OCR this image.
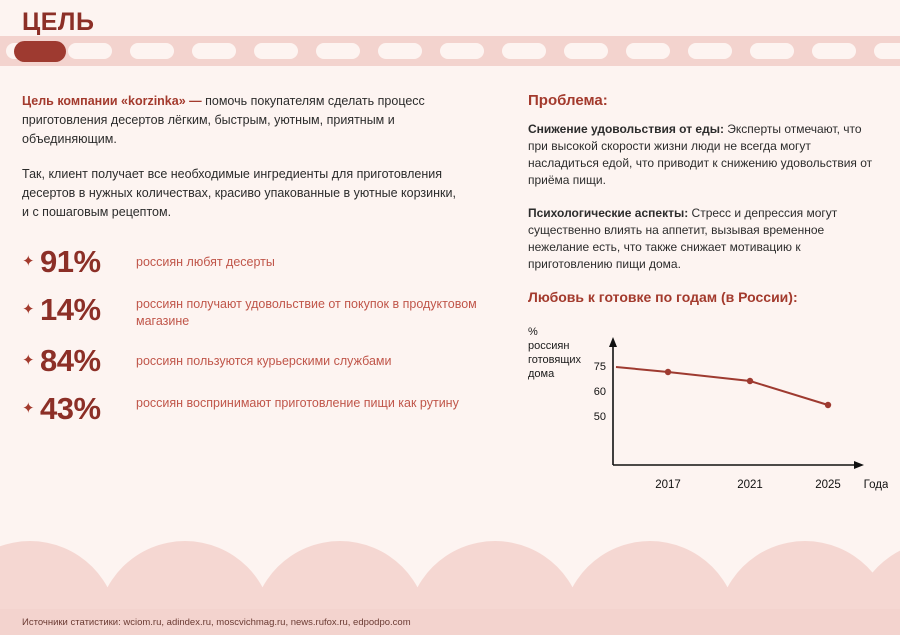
ЦЕЛЬ

Цель компании «korzinka» — помочь покупателям сделать процесс приготовления десертов лёгким, быстрым, уютным, приятным и объединяющим.

Так, клиент получает все необходимые ингредиенты для приготовления десертов в нужных количествах, красиво упакованные в уютные корзинки, и с пошаговым рецептом.

✦ 91%	россиян любят десерты
✦ 14%	россиян получают удовольствие от покупок в продуктовом магазине
✦ 84%	россиян пользуются курьерскими службами
✦ 43%	россиян воспринимают приготовление пищи как рутину
Проблема:

Снижение удовольствия от еды: Эксперты отмечают, что при высокой скорости жизни люди не всегда могут насладиться едой, что приводит к снижению удовольствия от приёма пищи.

Психологические аспекты: Стресс и депрессия могут существенно влиять на аппетит, вызывая временное нежелание есть, что также снижает мотивацию к приготовлению пищи дома.

Любовь к готовке по годам (в России):
%
россиян
готовящих
дома
75
60
50
2017	2021	2025 Года
Источники статистики: wciom.ru, adindex.ru, moscvichmag.ru, news.rufox.ru, edpodpo.com
